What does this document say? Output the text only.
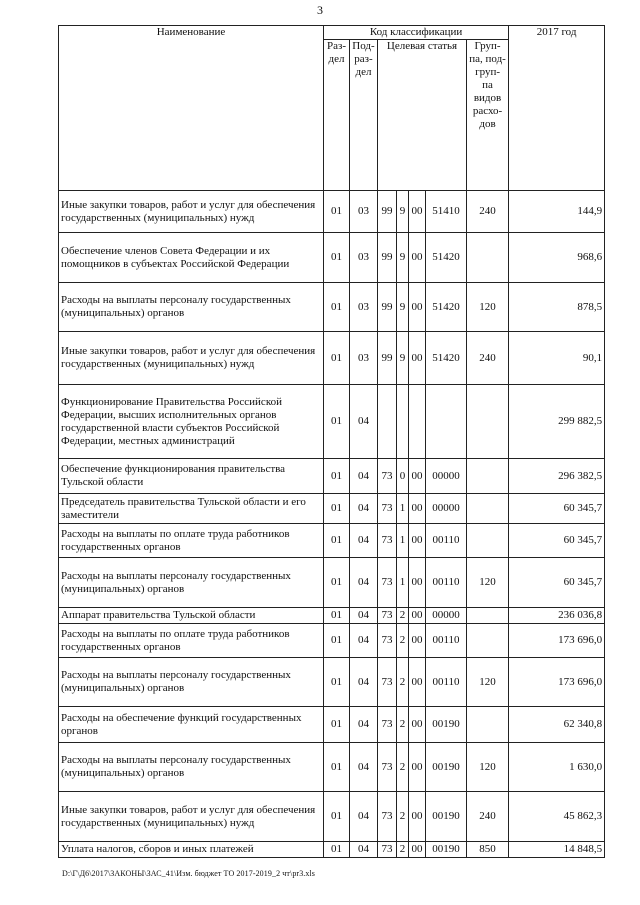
3
Наименование	Код классификации							2017 год
	Раз- дел	Под- раз- дел	Целевая статья				Груп- па, под- груп- па видов расхо- дов	
Иные закупки товаров, работ и услуг для обеспечения государственных (муниципальных) нужд	01	03	99	9	00	51410	240	144,9
Обеспечение членов Совета Федерации и их помощников в субъектах Российской Федерации	01	03	99	9	00	51420		968,6
Расходы на выплаты персоналу государственных (муниципальных) органов	01	03	99	9	00	51420	120	878,5
Иные закупки товаров, работ и услуг для обеспечения государственных (муниципальных) нужд	01	03	99	9	00	51420	240	90,1
Функционирование Правительства Российской Федерации, высших исполнительных органов государственной власти субъектов Российской Федерации, местных администраций	01	04						299 882,5
Обеспечение функционирования правительства Тульской области	01	04	73	0	00	00000		296 382,5
Председатель правительства Тульской области и его заместители	01	04	73	1	00	00000		60 345,7
Расходы на выплаты по оплате труда работников государственных органов	01	04	73	1	00	00110		60 345,7
Расходы на выплаты персоналу государственных (муниципальных) органов	01	04	73	1	00	00110	120	60 345,7
Аппарат правительства Тульской области	01	04	73	2	00	00000		236 036,8
Расходы на выплаты по оплате труда работников государственных органов	01	04	73	2	00	00110		173 696,0
Расходы на выплаты персоналу государственных (муниципальных) органов	01	04	73	2	00	00110	120	173 696,0
Расходы на обеспечение функций государственных органов	01	04	73	2	00	00190		62 340,8
Расходы на выплаты персоналу государственных (муниципальных) органов	01	04	73	2	00	00190	120	1 630,0
Иные закупки товаров, работ и услуг для обеспечения государственных (муниципальных) нужд	01	04	73	2	00	00190	240	45 862,3
Уплата налогов, сборов и иных платежей	01	04	73	2	00	00190	850	14 848,5
D:\Г\Д6\2017\ЗАКОНЫ\ЗАС_41\Изм. бюджет ТО 2017-2019_2 чт\pr3.xls
